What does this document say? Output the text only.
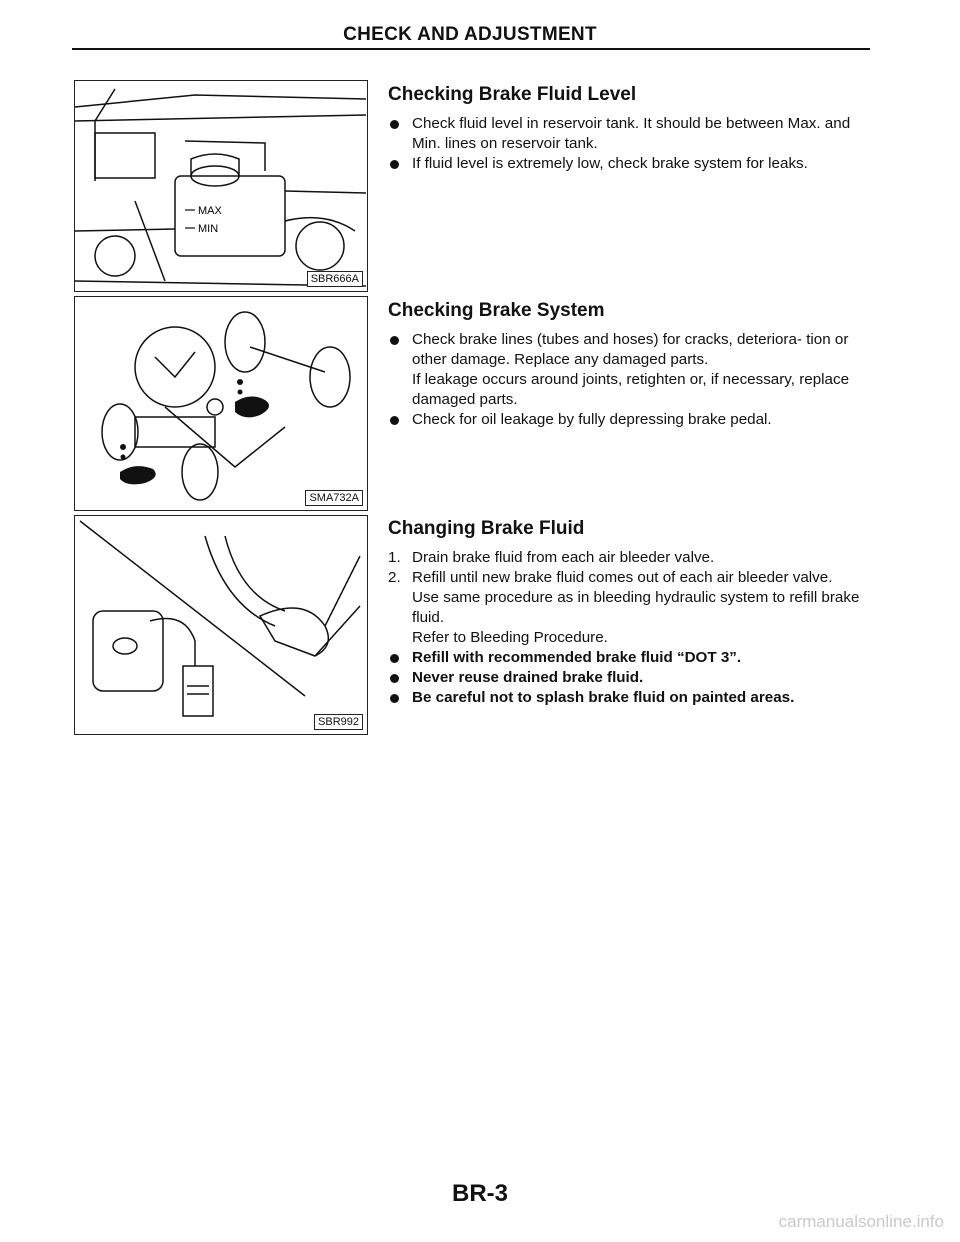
CHECK AND ADJUSTMENT
MAX
MIN
SBR666A
SMA732A
SBR992
Checking Brake Fluid Level
Check fluid level in reservoir tank. It should be between Max. and Min. lines on reservoir tank.
If fluid level is extremely low, check brake system for leaks.
Checking Brake System
Check brake lines (tubes and hoses) for cracks, deteriora- tion or other damage. Replace any damaged parts.
If leakage occurs around joints, retighten or, if necessary, replace damaged parts.
Check for oil leakage by fully depressing brake pedal.
Changing Brake Fluid
1. Drain brake fluid from each air bleeder valve.
2. Refill until new brake fluid comes out of each air bleeder valve.
Use same procedure as in bleeding hydraulic system to refill brake fluid.
Refer to Bleeding Procedure.
Refill with recommended brake fluid “DOT 3”.
Never reuse drained brake fluid.
Be careful not to splash brake fluid on painted areas.
BR-3
carmanualsonline.info
